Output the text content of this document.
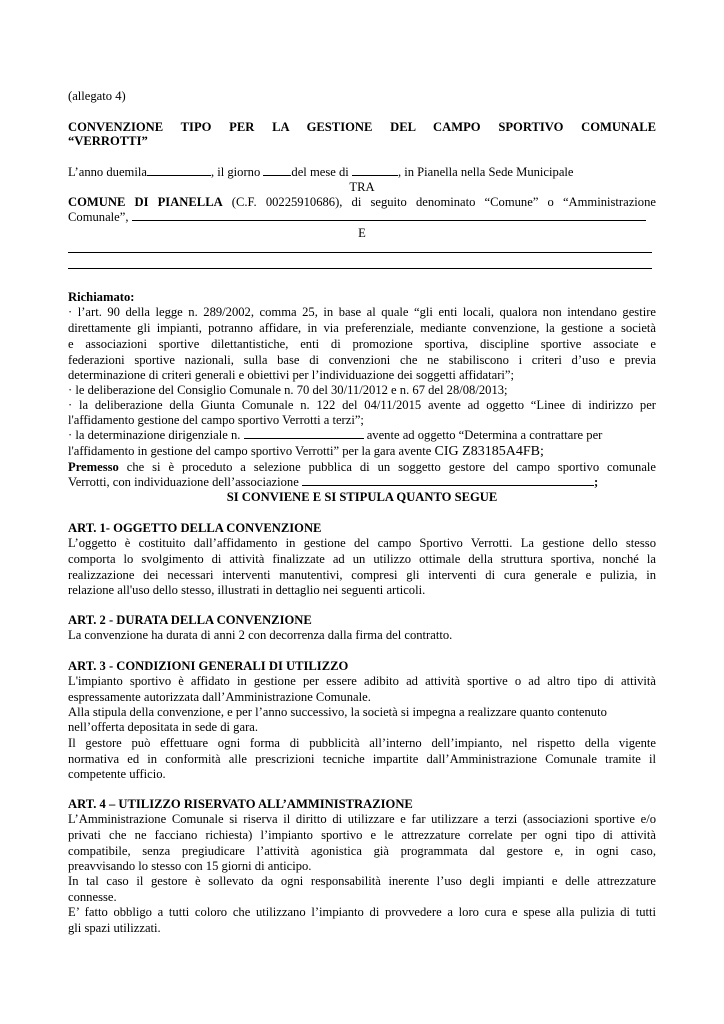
(allegato 4)
CONVENZIONE TIPO PER LA GESTIONE DEL CAMPO SPORTIVO COMUNALE
“VERROTTI”
L’anno duemila	, il giorno del mese di	, in Pianella nella Sede Municipale
TRA
COMUNE DI PIANELLA (C.F. 00225910686), di seguito denominato “Comune” o “Amministrazione
Comunale”,
E
Richiamato:
· l’art. 90 della legge n. 289/2002, comma 25, in base al quale “gli enti locali, qualora non intendano gestire
direttamente gli impianti, potranno affidare, in via preferenziale, mediante convenzione, la gestione a società
e associazioni sportive dilettantistiche, enti di promozione sportiva, discipline sportive associate e
federazioni sportive nazionali, sulla base di convenzioni che ne stabiliscono i criteri d’uso e previa
determinazione di criteri generali e obiettivi per l’individuazione dei soggetti affidatari”;
· le deliberazione del Consiglio Comunale n. 70 del 30/11/2012 e n. 67 del 28/08/2013;
· la deliberazione della Giunta Comunale n. 122 del 04/11/2015 avente ad oggetto “Linee di indirizzo per
l'affidamento gestione del campo sportivo Verrotti a terzi”;
· la determinazione dirigenziale n.	avente ad oggetto “Determina a contrattare per
l'affidamento in gestione del campo sportivo Verrotti” per la gara avente CIG Z83185A4FB;
Premesso che si è proceduto a selezione pubblica di un soggetto gestore del campo sportivo comunale
Verrotti, con individuazione dell’associazione	;
SI CONVIENE E SI STIPULA QUANTO SEGUE
ART. 1- OGGETTO DELLA CONVENZIONE
L’oggetto è costituito dall’affidamento in gestione del campo Sportivo Verrotti. La gestione dello stesso
comporta lo svolgimento di attività finalizzate ad un utilizzo ottimale della struttura sportiva, nonché la
realizzazione dei necessari interventi manutentivi, compresi gli interventi di cura generale e pulizia, in
relazione all'uso dello stesso, illustrati in dettaglio nei seguenti articoli.
ART. 2 - DURATA DELLA CONVENZIONE
La convenzione ha durata di anni 2 con decorrenza dalla firma del contratto.
ART. 3 - CONDIZIONI GENERALI DI UTILIZZO
L'impianto sportivo è affidato in gestione per essere adibito ad attività sportive o ad altro tipo di attività
espressamente autorizzata dall’Amministrazione Comunale.
Alla stipula della convenzione, e per l’anno successivo, la società si impegna a realizzare quanto contenuto
nell’offerta depositata in sede di gara.
Il gestore può effettuare ogni forma di pubblicità all’interno dell’impianto, nel rispetto della vigente
normativa ed in conformità alle prescrizioni tecniche impartite dall’Amministrazione Comunale tramite il
competente ufficio.
ART. 4 – UTILIZZO RISERVATO ALL’AMMINISTRAZIONE
L’Amministrazione Comunale si riserva il diritto di utilizzare e far utilizzare a terzi (associazioni sportive e/o
privati che ne facciano richiesta) l’impianto sportivo e le attrezzature correlate per ogni tipo di attività
compatibile, senza pregiudicare l’attività agonistica già programmata dal gestore e, in ogni caso,
preavvisando lo stesso con 15 giorni di anticipo.
In tal caso il gestore è sollevato da ogni responsabilità inerente l’uso degli impianti e delle attrezzature
connesse.
E’ fatto obbligo a tutti coloro che utilizzano l’impianto di provvedere a loro cura e spese alla pulizia di tutti
gli spazi utilizzati.
